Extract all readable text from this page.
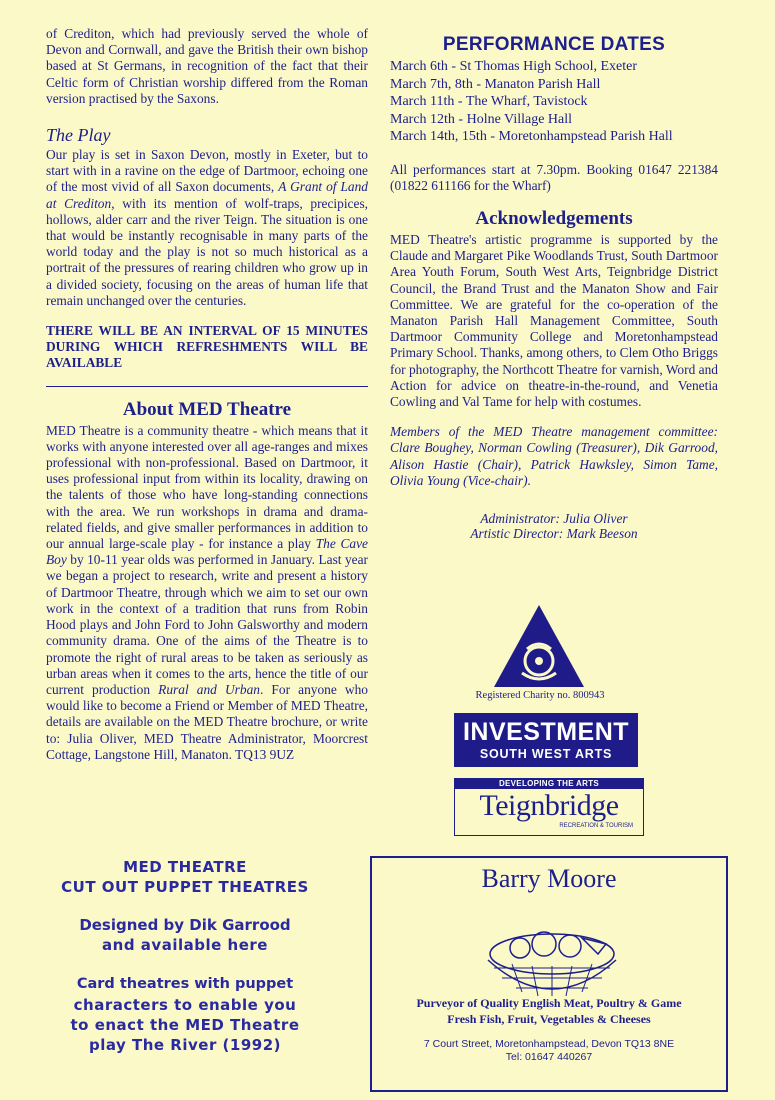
of Crediton, which had previously served the whole of Devon and Cornwall, and gave the British their own bishop based at St Germans, in recognition of the fact that their Celtic form of Christian worship differed from the Roman version practised by the Saxons.

The Play

Our play is set in Saxon Devon, mostly in Exeter, but to start with in a ravine on the edge of Dartmoor, echoing one of the most vivid of all Saxon documents, A Grant of Land at Crediton, with its mention of wolf-traps, precipices, hollows, alder carr and the river Teign. The situation is one that would be instantly recognisable in many parts of the world today and the play is not so much historical as a portrait of the pressures of rearing children who grow up in a divided society, focusing on the areas of human life that remain unchanged over the centuries.

THERE WILL BE AN INTERVAL OF 15 MINUTES DURING WHICH REFRESHMENTS WILL BE AVAILABLE
About MED Theatre

MED Theatre is a community theatre - which means that it works with anyone interested over all age-ranges and mixes professional with non-professional. Based on Dartmoor, it uses professional input from within its locality, drawing on the talents of those who have long-standing connections with the area. We run workshops in drama and drama-related fields, and give smaller performances in addition to our annual large-scale play - for instance a play The Cave Boy by 10-11 year olds was performed in January. Last year we began a project to research, write and present a history of Dartmoor Theatre, through which we aim to set our own work in the context of a tradition that runs from Robin Hood plays and John Ford to John Galsworthy and modern community drama. One of the aims of the Theatre is to promote the right of rural areas to be taken as seriously as urban areas when it comes to the arts, hence the title of our current production Rural and Urban. For anyone who would like to become a Friend or Member of MED Theatre, details are available on the MED Theatre brochure, or write to: Julia Oliver, MED Theatre Administrator, Moorcrest Cottage, Langstone Hill, Manaton. TQ13 9UZ

PERFORMANCE DATES
March 6th - St Thomas High School, Exeter
March 7th, 8th - Manaton Parish Hall
March 11th - The Wharf, Tavistock
March 12th - Holne Village Hall
March 14th, 15th - Moretonhampstead Parish Hall

All performances start at 7.30pm. Booking 01647 221384 (01822 611166 for the Wharf)

Acknowledgements

MED Theatre's artistic programme is supported by the Claude and Margaret Pike Woodlands Trust, South Dartmoor Area Youth Forum, South West Arts, Teignbridge District Council, the Brand Trust and the Manaton Show and Fair Committee. We are grateful for the co-operation of the Manaton Parish Hall Management Committee, South Dartmoor Community College and Moretonhampstead Primary School. Thanks, among others, to Clem Otho Briggs for photography, the Northcott Theatre for varnish, Word and Action for advice on theatre-in-the-round, and Venetia Cowling and Val Tame for help with costumes.

Members of the MED Theatre management committee: Clare Boughey, Norman Cowling (Treasurer), Dik Garrood, Alison Hastie (Chair), Patrick Hawksley, Simon Tame, Olivia Young (Vice-chair).

Administrator: Julia Oliver
Artistic Director: Mark Beeson
Registered Charity no. 800943
INVESTMENT
SOUTH WEST ARTS
DEVELOPING THE ARTS
Teignbridge
RECREATION & TOURISM
MED THEATRE
CUT OUT PUPPET THEATRES
Designed by Dik Garrood
and available here
Card theatres with puppet
characters to enable you
to enact the MED Theatre
play The River (1992)
Barry Moore
Purveyor of Quality English Meat, Poultry & Game
Fresh Fish, Fruit, Vegetables & Cheeses
7 Court Street, Moretonhampstead, Devon TQ13 8NE
Tel: 01647 440267
